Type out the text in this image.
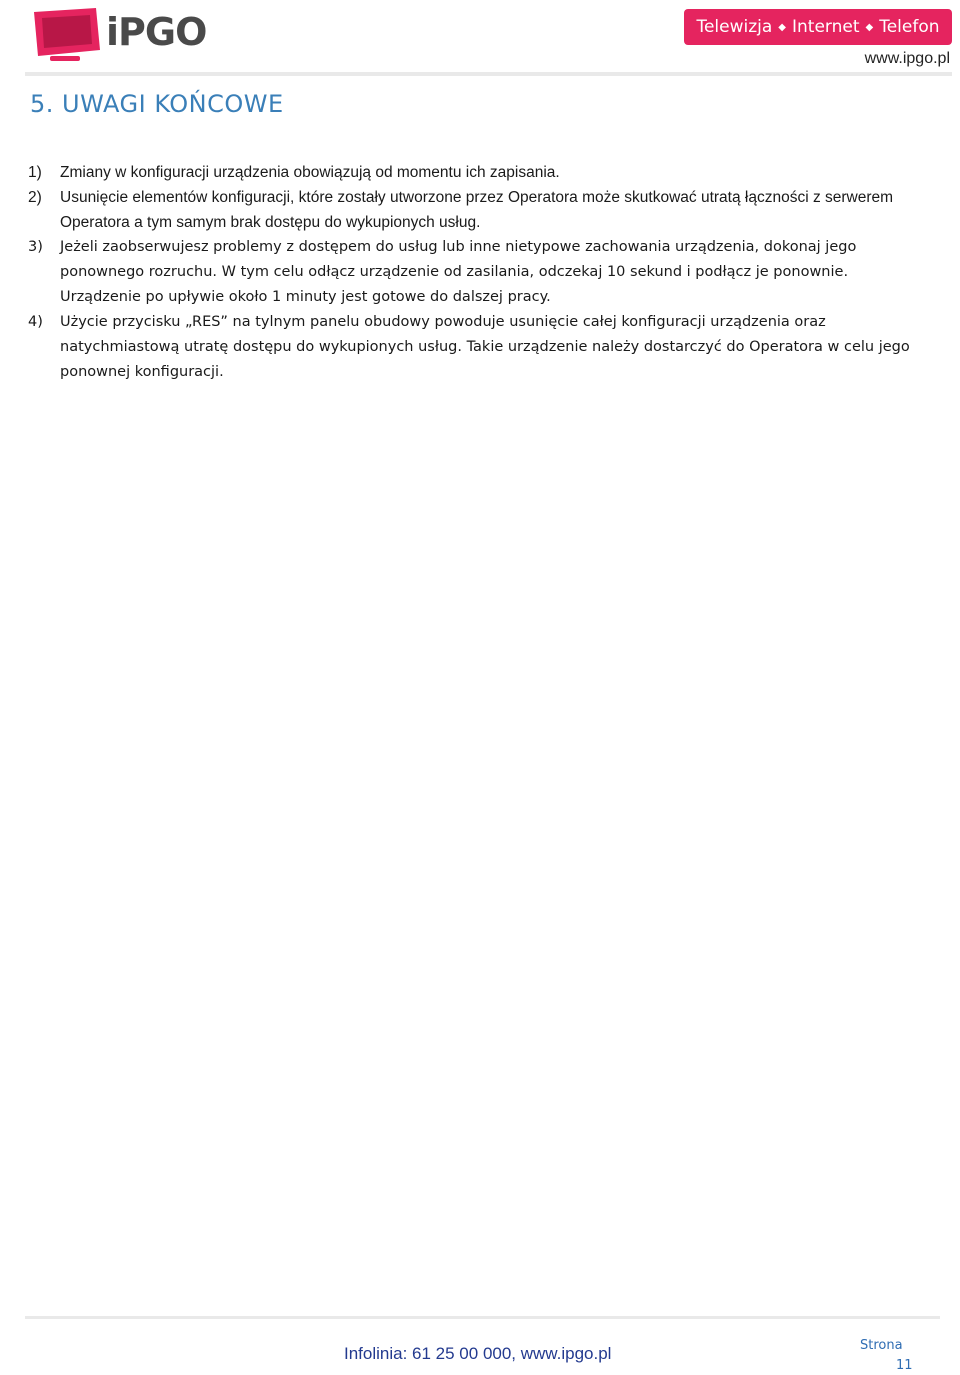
iPGO	Telewizja ◆ Internet ◆ Telefon
www.ipgo.pl
5. UWAGI KOŃCOWE
1)	Zmiany w konfiguracji urządzenia obowiązują od momentu ich zapisania.
2)	Usunięcie elementów konfiguracji, które zostały utworzone przez Operatora może skutkować utratą łączności z serwerem Operatora a tym samym brak dostępu do wykupionych usług.
3)	Jeżeli zaobserwujesz problemy z dostępem do usług lub inne nietypowe zachowania urządzenia, dokonaj jego ponownego rozruchu. W tym celu odłącz urządzenie od zasilania, odczekaj 10 sekund i podłącz je ponownie. Urządzenie po upływie około 1 minuty jest gotowe do dalszej pracy.
4)	Użycie przycisku „RES” na tylnym panelu obudowy powoduje usunięcie całej konfiguracji urządzenia oraz natychmiastową utratę dostępu do wykupionych usług. Takie urządzenie należy dostarczyć do Operatora w celu jego ponownej konfiguracji.
Infolinia: 61 25 00 000, www.ipgo.pl	Strona
11
